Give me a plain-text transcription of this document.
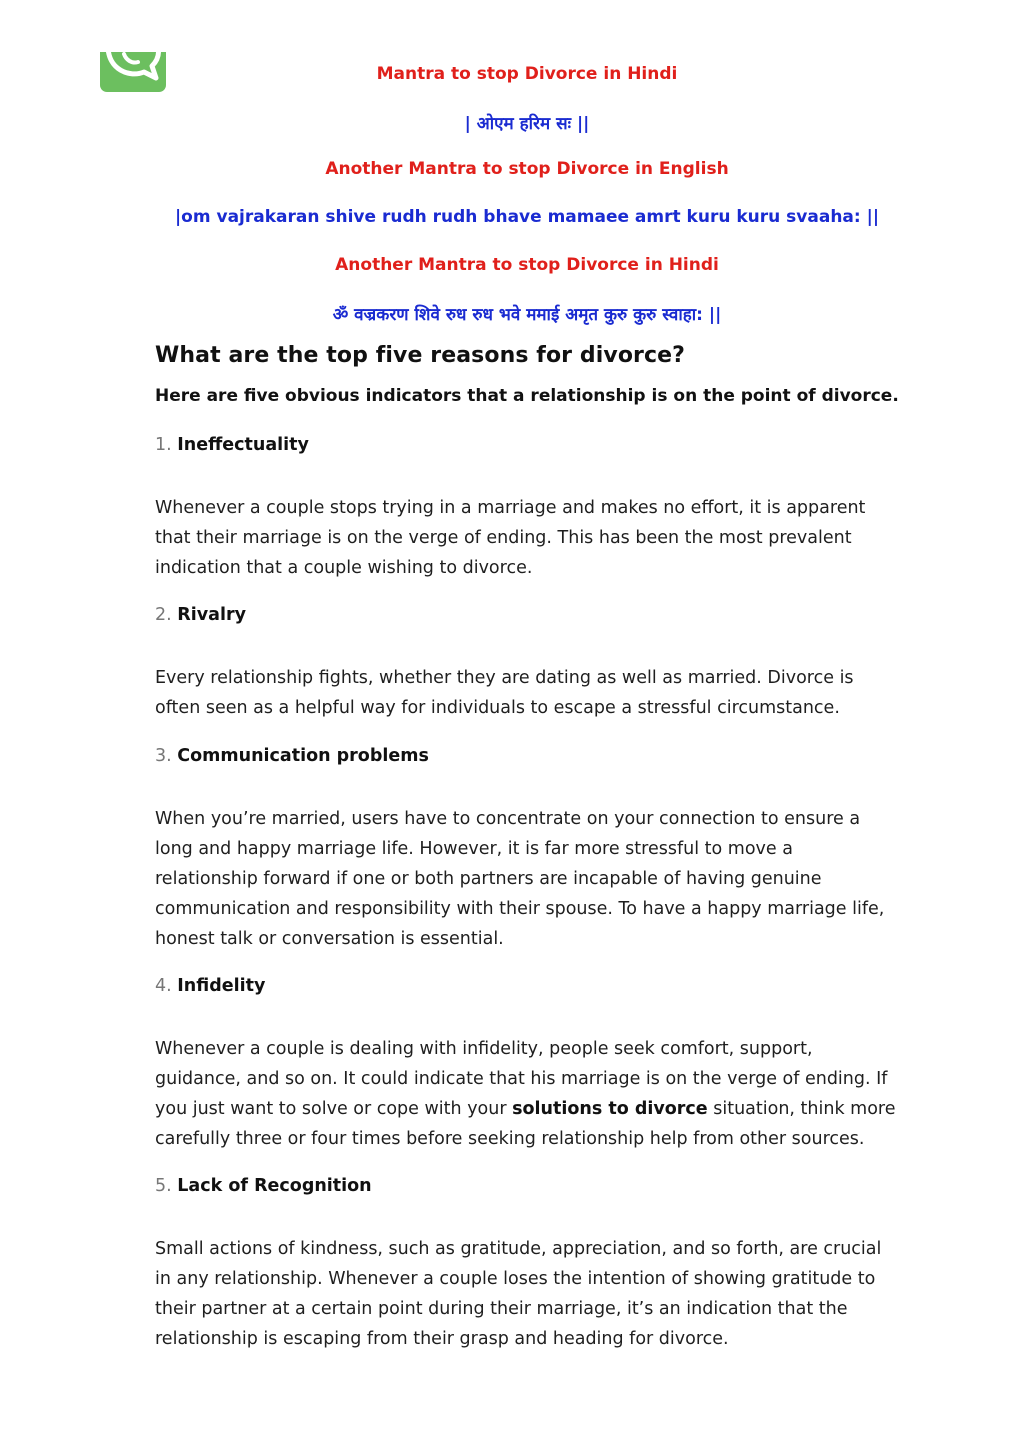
Mantra to stop Divorce in Hindi

| ओएम हरिम सः ||

Another Mantra to stop Divorce in English

|om vajrakaran shive rudh rudh bhave mamaee amrt kuru kuru svaaha: ||

Another Mantra to stop Divorce in Hindi

ॐ वज्रकरण शिवे रुध रुध भवे ममाई अमृत कुरु कुरु स्वाहा: ||

What are the top five reasons for divorce?

Here are five obvious indicators that a relationship is on the point of divorce.

1. Ineffectuality

Whenever a couple stops trying in a marriage and makes no effort, it is apparent that their marriage is on the verge of ending. This has been the most prevalent indication that a couple wishing to divorce.

2. Rivalry

Every relationship fights, whether they are dating as well as married. Divorce is often seen as a helpful way for individuals to escape a stressful circumstance.

3. Communication problems

When you’re married, users have to concentrate on your connection to ensure a long and happy marriage life. However, it is far more stressful to move a relationship forward if one or both partners are incapable of having genuine communication and responsibility with their spouse. To have a happy marriage life, honest talk or conversation is essential.

4. Infidelity

Whenever a couple is dealing with infidelity, people seek comfort, support, guidance, and so on. It could indicate that his marriage is on the verge of ending. If you just want to solve or cope with your solutions to divorce situation, think more carefully three or four times before seeking relationship help from other sources.

5. Lack of Recognition

Small actions of kindness, such as gratitude, appreciation, and so forth, are crucial in any relationship. Whenever a couple loses the intention of showing gratitude to their partner at a certain point during their marriage, it’s an indication that the relationship is escaping from their grasp and heading for divorce.
